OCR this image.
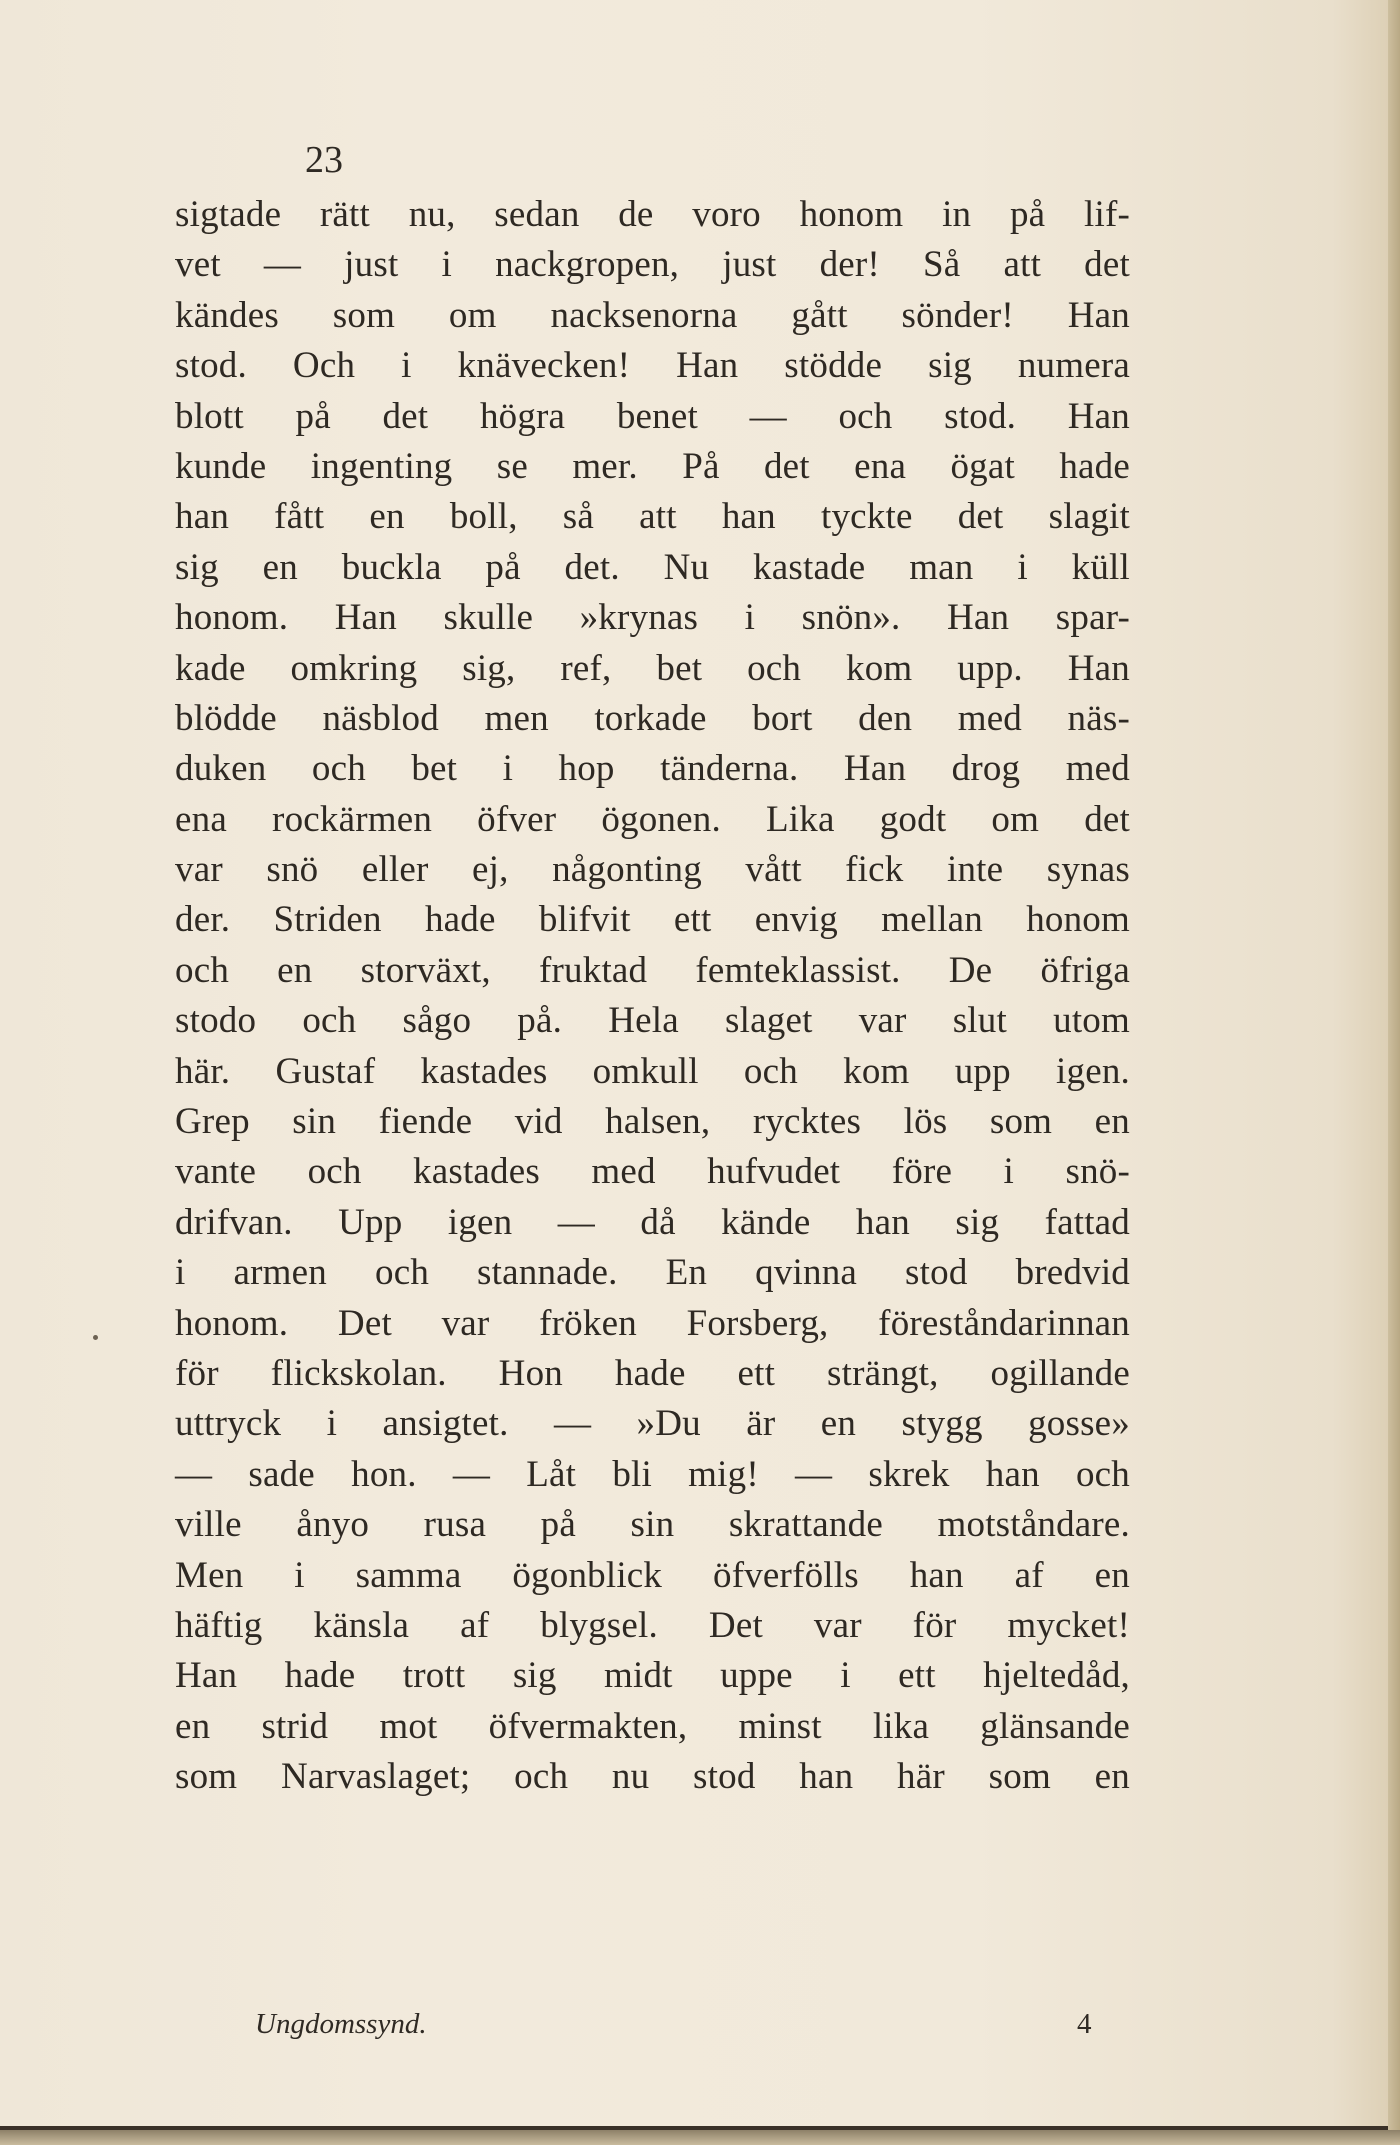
23
sigtade rätt nu, sedan de voro honom in på lif-
vet — just i nackgropen, just der! Så att det
kändes som om nacksenorna gått sönder! Han
stod. Och i knävecken! Han stödde sig numera
blott på det högra benet — och stod. Han
kunde ingenting se mer. På det ena ögat hade
han fått en boll, så att han tyckte det slagit
sig en buckla på det. Nu kastade man i küll
honom. Han skulle »krynas i snön». Han spar-
kade omkring sig, ref, bet och kom upp. Han
blödde näsblod men torkade bort den med näs-
duken och bet i hop tänderna. Han drog med
ena rockärmen öfver ögonen. Lika godt om det
var snö eller ej, någonting vått fick inte synas
der. Striden hade blifvit ett envig mellan honom
och en storväxt, fruktad femteklassist. De öfriga
stodo och sågo på. Hela slaget var slut utom
här. Gustaf kastades omkull och kom upp igen.
Grep sin fiende vid halsen, rycktes lös som en
vante och kastades med hufvudet före i snö-
drifvan. Upp igen — då kände han sig fattad
i armen och stannade. En qvinna stod bredvid
honom. Det var fröken Forsberg, föreståndarinnan
för flickskolan. Hon hade ett strängt, ogillande
uttryck i ansigtet. — »Du är en stygg gosse»
— sade hon. — Låt bli mig! — skrek han och
ville ånyo rusa på sin skrattande motståndare.
Men i samma ögonblick öfverfölls han af en
häftig känsla af blygsel. Det var för mycket!
Han hade trott sig midt uppe i ett hjeltedåd,
en strid mot öfvermakten, minst lika glänsande
som Narvaslaget; och nu stod han här som en
Ungdomssynd.	4
